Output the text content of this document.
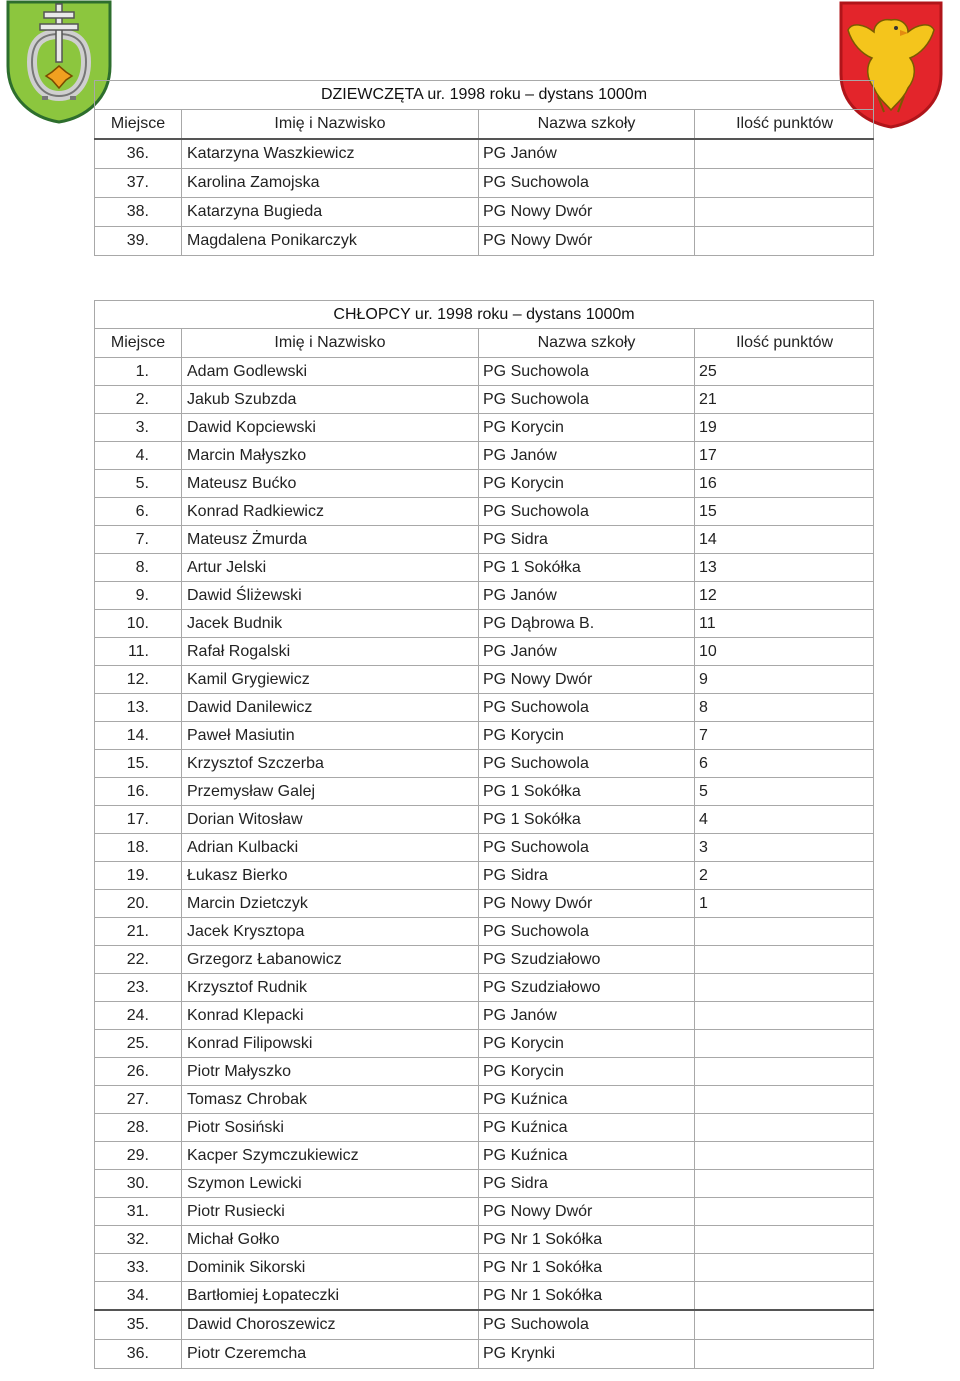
DZIEWCZĘTA ur. 1998 roku – dystans 1000m			
Miejsce	Imię i Nazwisko	Nazwa szkoły	Ilość punktów
36.	Katarzyna Waszkiewicz	PG Janów	
37.	Karolina Zamojska	PG Suchowola	
38.	Katarzyna Bugieda	PG Nowy Dwór	
39.	Magdalena Ponikarczyk	PG Nowy Dwór	
CHŁOPCY ur. 1998 roku – dystans 1000m			
Miejsce	Imię i Nazwisko	Nazwa szkoły	Ilość punktów
1.	Adam Godlewski	PG Suchowola	25
2.	Jakub Szubzda	PG Suchowola	21
3.	Dawid Kopciewski	PG Korycin	19
4.	Marcin Małyszko	PG Janów	17
5.	Mateusz Bućko	PG Korycin	16
6.	Konrad Radkiewicz	PG Suchowola	15
7.	Mateusz Żmurda	PG Sidra	14
8.	Artur Jelski	PG 1 Sokółka	13
9.	Dawid Śliżewski	PG Janów	12
10.	Jacek Budnik	PG Dąbrowa B.	11
11.	Rafał Rogalski	PG Janów	10
12.	Kamil Grygiewicz	PG Nowy Dwór	9
13.	Dawid Danilewicz	PG Suchowola	8
14.	Paweł Masiutin	PG Korycin	7
15.	Krzysztof Szczerba	PG Suchowola	6
16.	Przemysław Galej	PG 1 Sokółka	5
17.	Dorian Witosław	PG 1 Sokółka	4
18.	Adrian Kulbacki	PG Suchowola	3
19.	Łukasz Bierko	PG Sidra	2
20.	Marcin Dzietczyk	PG Nowy Dwór	1
21.	Jacek Krysztopa	PG Suchowola	
22.	Grzegorz Łabanowicz	PG Szudziałowo	
23.	Krzysztof Rudnik	PG Szudziałowo	
24.	Konrad Klepacki	PG Janów	
25.	Konrad Filipowski	PG Korycin	
26.	Piotr Małyszko	PG Korycin	
27.	Tomasz Chrobak	PG Kuźnica	
28.	Piotr Sosiński	PG Kuźnica	
29.	Kacper Szymczukiewicz	PG Kuźnica	
30.	Szymon Lewicki	PG Sidra	
31.	Piotr Rusiecki	PG Nowy Dwór	
32.	Michał Gołko	PG Nr 1 Sokółka	
33.	Dominik Sikorski	PG Nr 1 Sokółka	
34.	Bartłomiej Łopateczki	PG Nr 1 Sokółka	
35.	Dawid Choroszewicz	PG Suchowola	
36.	Piotr Czeremcha	PG Krynki	
